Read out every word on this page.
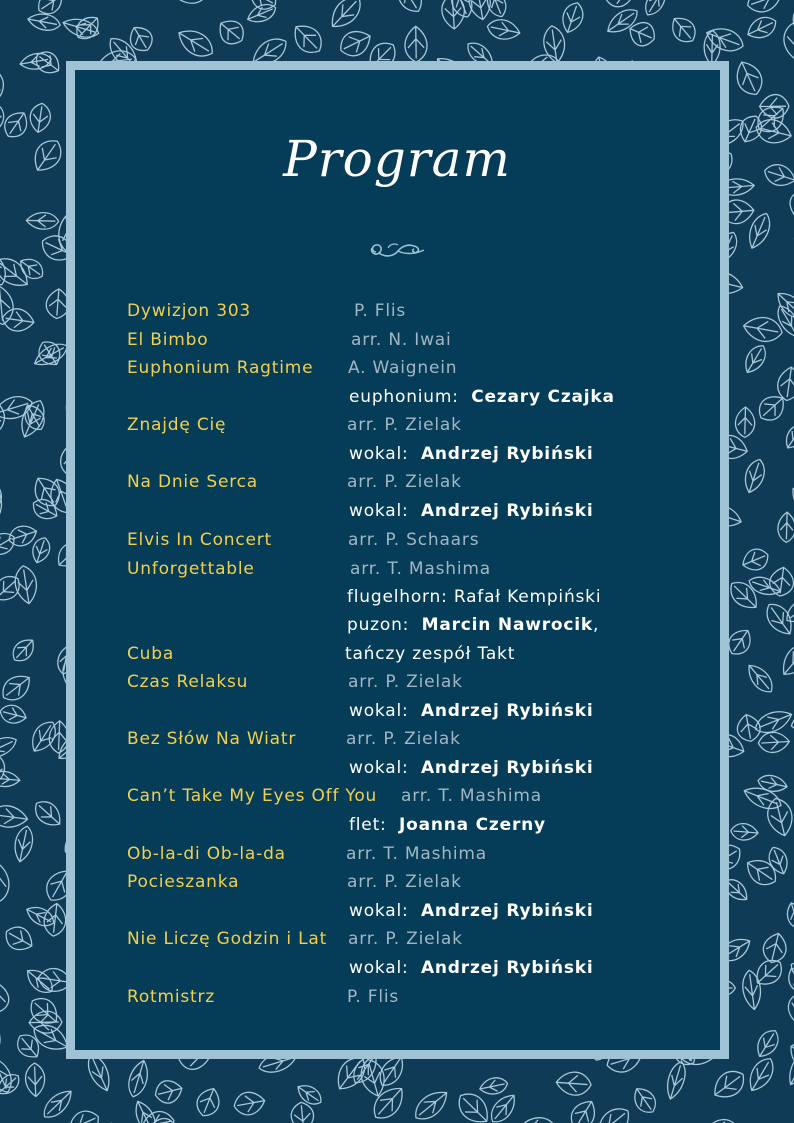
Program
Dywizjon 303	P. Flis
El Bimbo	arr. N. Iwai
Euphonium Ragtime A. Waignein
euphonium: Cezary Czajka
Znajdę Cię	arr. P. Zielak
wokal: Andrzej Rybiński
Na Dnie Serca	arr. P. Zielak
wokal: Andrzej Rybiński
Elvis In Concert	arr. P. Schaars
Unforgettable	arr. T. Mashima
flugelhorn: Rafał Kempiński
puzon: Marcin Nawrocik,
Cuba	tańczy zespół Takt
Czas Relaksu	arr. P. Zielak
wokal: Andrzej Rybiński
Bez Słów Na Wiatr	arr. P. Zielak
wokal: Andrzej Rybiński
Can’t Take My Eyes Off You arr. T. Mashima
flet: Joanna Czerny
Ob-la-di Ob-la-da	arr. T. Mashima
Pocieszanka	arr. P. Zielak
wokal: Andrzej Rybiński
Nie Liczę Godzin i Lat arr. P. Zielak
wokal: Andrzej Rybiński
Rotmistrz	P. Flis
